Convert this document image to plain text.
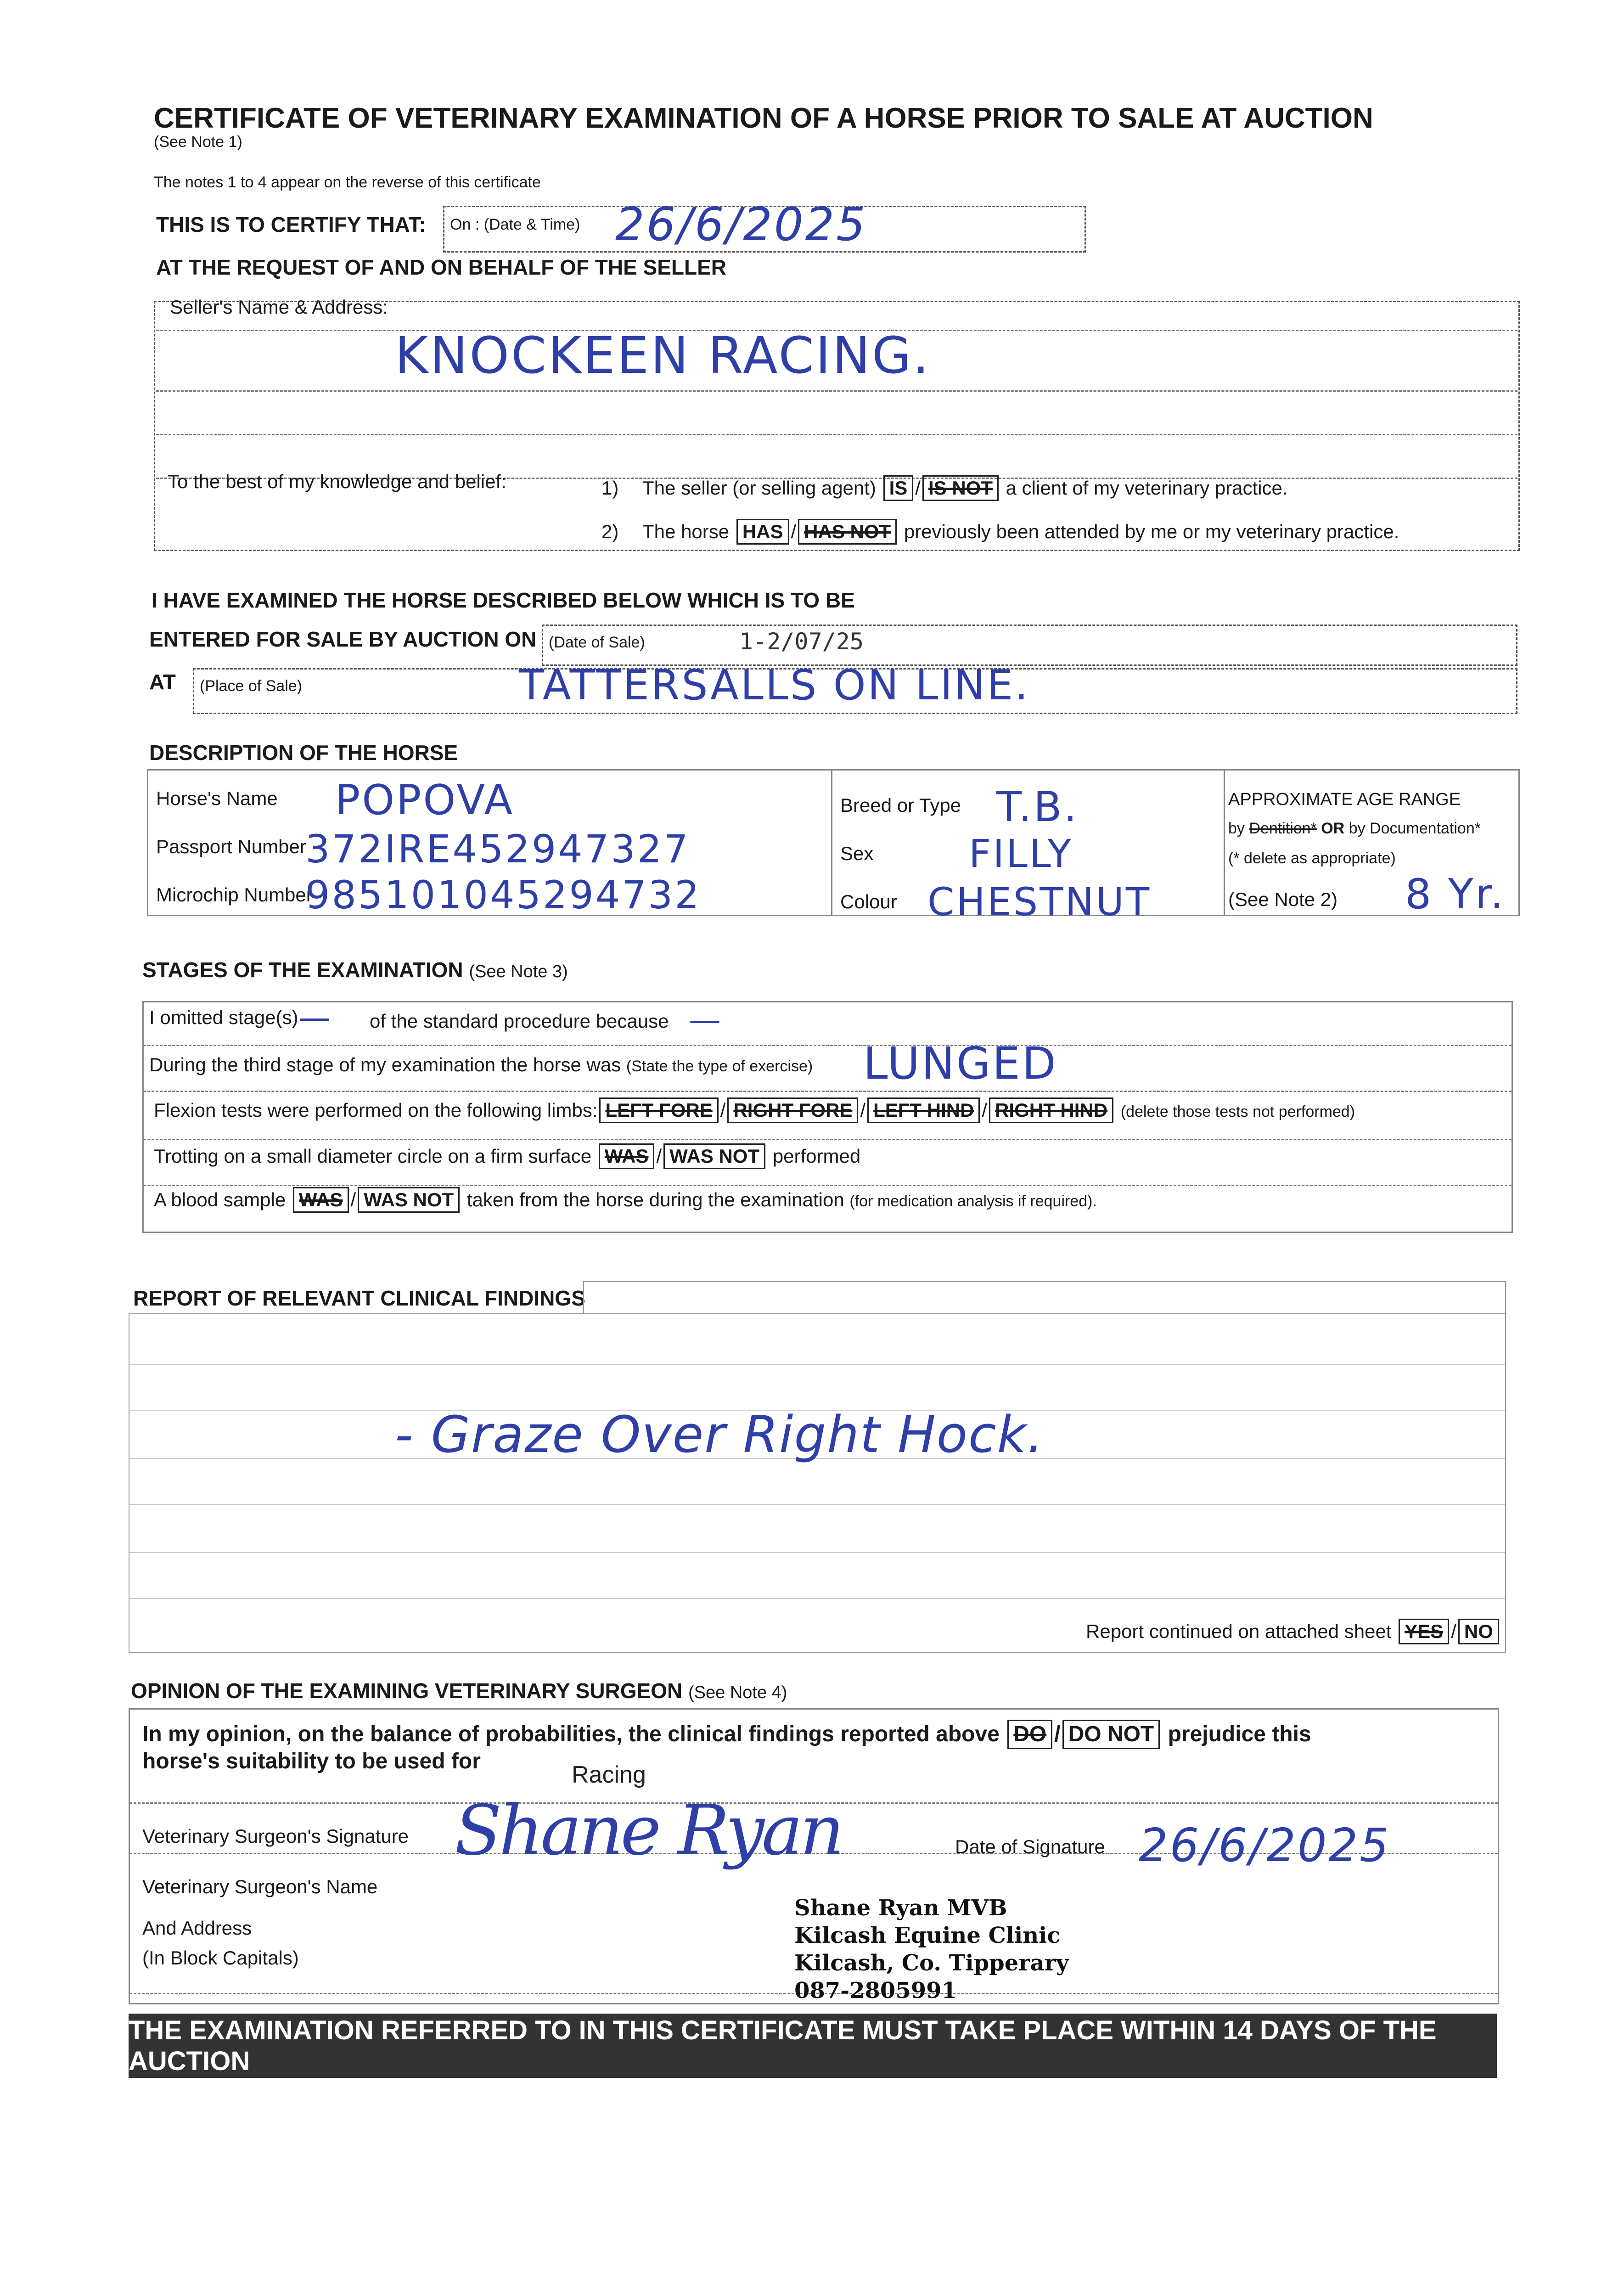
CERTIFICATE OF VETERINARY EXAMINATION OF A HORSE PRIOR TO SALE AT AUCTION
(See Note 1)
The notes 1 to 4 appear on the reverse of this certificate
THIS IS TO CERTIFY THAT: On : (Date & Time) 26/6/2025
AT THE REQUEST OF AND ON BEHALF OF THE SELLER
Seller's Name & Address:
KNOCKEEN RACING.
To the best of my knowledge and belief:	1) The seller (or selling agent) IS / IS NOT a client of my veterinary practice.
2) The horse HAS / HAS NOT previously been attended by me or my veterinary practice.
I HAVE EXAMINED THE HORSE DESCRIBED BELOW WHICH IS TO BE
ENTERED FOR SALE BY AUCTION ON (Date of Sale)	1-2/07/25
AT (Place of Sale)	TATTERSALLS ON LINE.
DESCRIPTION OF THE HORSE
Horse's Name POPOVA
Passport Number
372IRE452947327
Microchip Number
985101045294732
Breed or Type T.B.
Sex FILLY
Colour CHESTNUT
APPROXIMATE AGE RANGE
by Dentition* OR by Documentation*
(* delete as appropriate)
(See Note 2) 8 Yr.
STAGES OF THE EXAMINATION (See Note 3)
I omitted stage(s) — of the standard procedure because —
During the third stage of my examination the horse was (State the type of exercise) LUNGED
Flexion tests were performed on the following limbs: LEFT FORE / RIGHT FORE / LEFT HIND / RIGHT HIND (delete those tests not performed)
Trotting on a small diameter circle on a firm surface WAS / WAS NOT performed
A blood sample WAS / WAS NOT taken from the horse during the examination (for medication analysis if required).
REPORT OF RELEVANT CLINICAL FINDINGS
- Graze Over Right Hock.
Report continued on attached sheet YES / NO
OPINION OF THE EXAMINING VETERINARY SURGEON (See Note 4)
In my opinion, on the balance of probabilities, the clinical findings reported above DO / DO NOT prejudice this
horse's suitability to be used for
Racing
Veterinary Surgeon's Signature Shane Ryan	Date of Signature 26/6/2025
Veterinary Surgeon's Name
And Address
(In Block Capitals)
Shane Ryan MVB
Kilcash Equine Clinic
Kilcash, Co. Tipperary
087-2805991
THE EXAMINATION REFERRED TO IN THIS CERTIFICATE MUST TAKE PLACE WITHIN 14 DAYS OF THE AUCTION
